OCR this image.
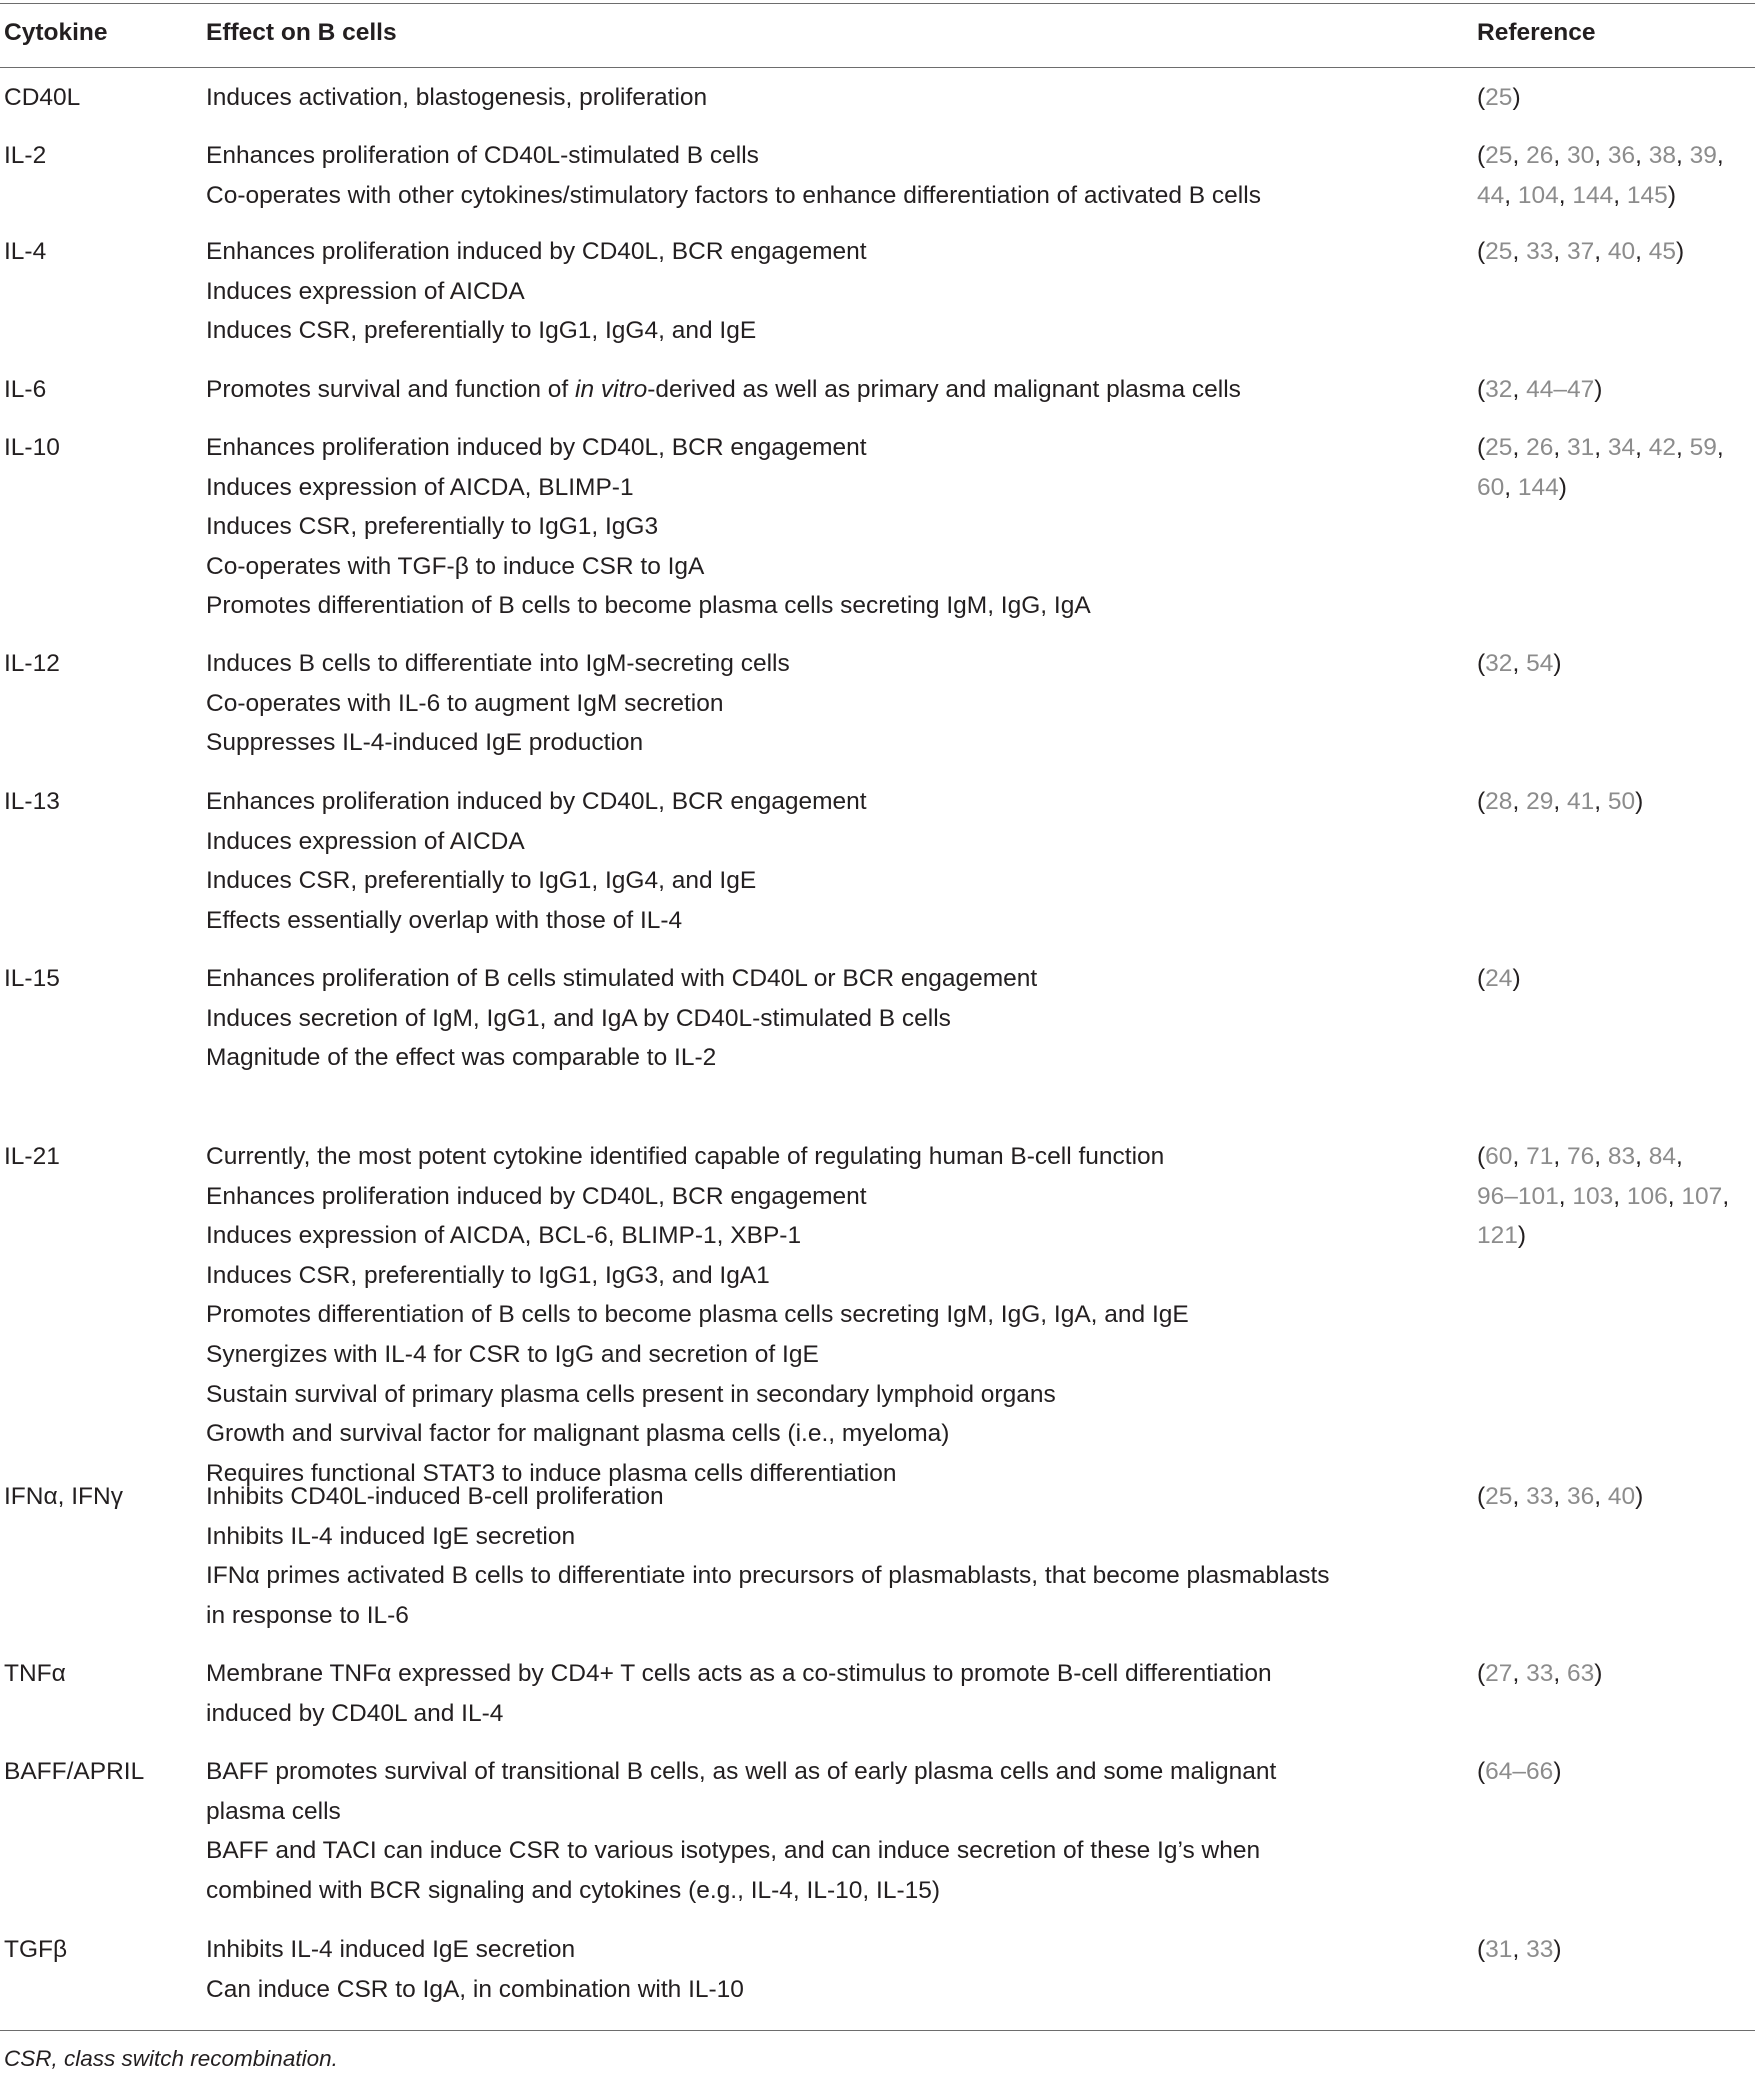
Cytokine	Effect on B cells	Reference
CD40L	Induces activation, blastogenesis, proliferation	(25)
IL-2	Enhances proliferation of CD40L-stimulated B cells
Co-operates with other cytokines/stimulatory factors to enhance differentiation of activated B cells
(25, 26, 30, 36, 38, 39,
44, 104, 144, 145)
IL-4	Enhances proliferation induced by CD40L, BCR engagement
Induces expression of AICDA
Induces CSR, preferentially to IgG1, IgG4, and IgE
(25, 33, 37, 40, 45)
IL-6	Promotes survival and function of in vitro-derived as well as primary and malignant plasma cells	(32, 44–47)
IL-10	Enhances proliferation induced by CD40L, BCR engagement
Induces expression of AICDA, BLIMP-1
Induces CSR, preferentially to IgG1, IgG3
Co-operates with TGF-β to induce CSR to IgA
Promotes differentiation of B cells to become plasma cells secreting IgM, IgG, IgA
(25, 26, 31, 34, 42, 59,
60, 144)
IL-12	Induces B cells to differentiate into IgM-secreting cells
Co-operates with IL-6 to augment IgM secretion
Suppresses IL-4-induced IgE production
(32, 54)
IL-13	Enhances proliferation induced by CD40L, BCR engagement
Induces expression of AICDA
Induces CSR, preferentially to IgG1, IgG4, and IgE
Effects essentially overlap with those of IL-4
(28, 29, 41, 50)
IL-15	Enhances proliferation of B cells stimulated with CD40L or BCR engagement
Induces secretion of IgM, IgG1, and IgA by CD40L-stimulated B cells
Magnitude of the effect was comparable to IL-2
(24)
IL-21	Currently, the most potent cytokine identified capable of regulating human B-cell function
Enhances proliferation induced by CD40L, BCR engagement
Induces expression of AICDA, BCL-6, BLIMP-1, XBP-1
Induces CSR, preferentially to IgG1, IgG3, and IgA1
Promotes differentiation of B cells to become plasma cells secreting IgM, IgG, IgA, and IgE
Synergizes with IL-4 for CSR to IgG and secretion of IgE
Sustain survival of primary plasma cells present in secondary lymphoid organs
Growth and survival factor for malignant plasma cells (i.e., myeloma)
Requires functional STAT3 to induce plasma cells differentiation
(60, 71, 76, 83, 84,
96–101, 103, 106, 107,
121)
IFNα, IFNγ	Inhibits CD40L-induced B-cell proliferation
Inhibits IL-4 induced IgE secretion
IFNα primes activated B cells to differentiate into precursors of plasmablasts, that become plasmablasts
in response to IL-6
(25, 33, 36, 40)
TNFα	Membrane TNFα expressed by CD4+ T cells acts as a co-stimulus to promote B-cell differentiation
induced by CD40L and IL-4
(27, 33, 63)
BAFF/APRIL	BAFF promotes survival of transitional B cells, as well as of early plasma cells and some malignant
plasma cells
BAFF and TACI can induce CSR to various isotypes, and can induce secretion of these Ig’s when
combined with BCR signaling and cytokines (e.g., IL-4, IL-10, IL-15)
(64–66)
TGFβ	Inhibits IL-4 induced IgE secretion
Can induce CSR to IgA, in combination with IL-10
(31, 33)
CSR, class switch recombination.
